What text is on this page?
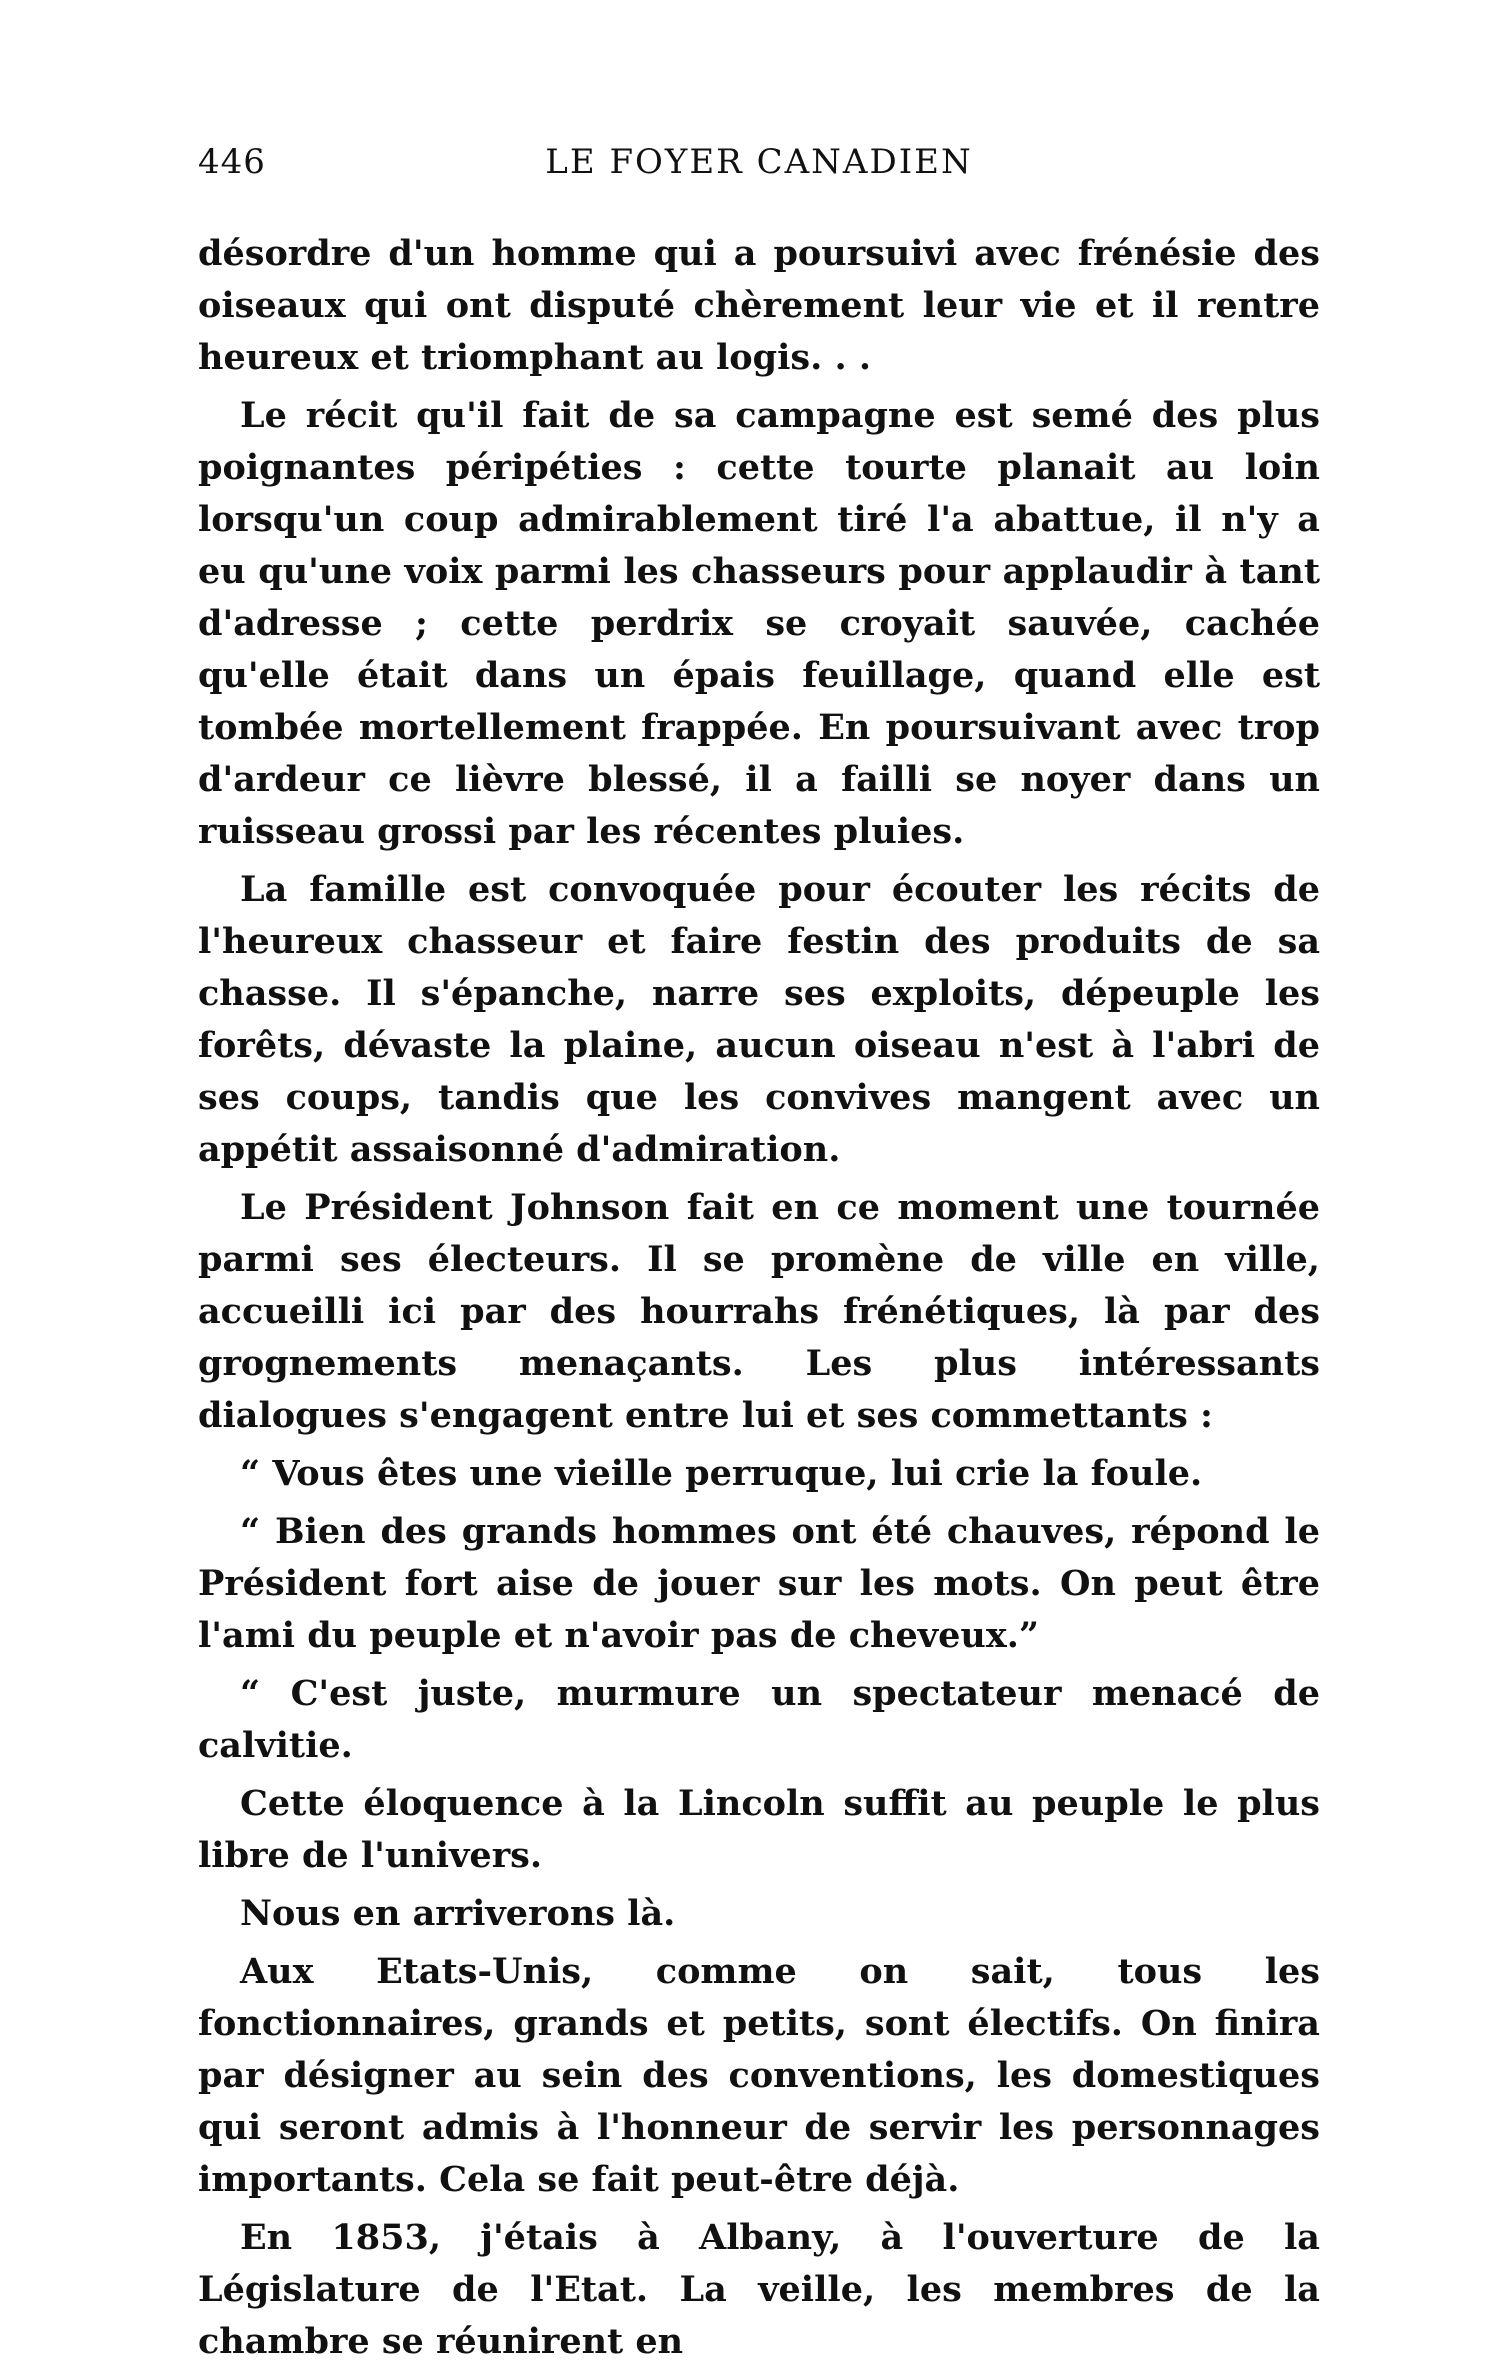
446	LE FOYER CANADIEN

désordre d'un homme qui a poursuivi avec frénésie des oiseaux qui ont disputé chèrement leur vie et il rentre heureux et triomphant au logis. . .

Le récit qu'il fait de sa campagne est semé des plus poignantes péripéties : cette tourte planait au loin lorsqu'un coup admirablement tiré l'a abattue, il n'y a eu qu'une voix parmi les chasseurs pour applaudir à tant d'adresse ; cette perdrix se croyait sauvée, cachée qu'elle était dans un épais feuillage, quand elle est tombée mortellement frappée. En poursuivant avec trop d'ardeur ce lièvre blessé, il a failli se noyer dans un ruisseau grossi par les récentes pluies.

La famille est convoquée pour écouter les récits de l'heureux chasseur et faire festin des produits de sa chasse. Il s'épanche, narre ses exploits, dépeuple les forêts, dévaste la plaine, aucun oiseau n'est à l'abri de ses coups, tandis que les convives mangent avec un appétit assaisonné d'admiration.

Le Président Johnson fait en ce moment une tournée parmi ses électeurs. Il se promène de ville en ville, accueilli ici par des hourrahs frénétiques, là par des grognements menaçants. Les plus intéressants dialogues s'engagent entre lui et ses commettants :

“ Vous êtes une vieille perruque, lui crie la foule.

“ Bien des grands hommes ont été chauves, répond le Président fort aise de jouer sur les mots. On peut être l'ami du peuple et n'avoir pas de cheveux.”

“ C'est juste, murmure un spectateur menacé de calvitie.

Cette éloquence à la Lincoln suffit au peuple le plus libre de l'univers.

Nous en arriverons là.

Aux Etats-Unis, comme on sait, tous les fonctionnaires, grands et petits, sont électifs. On finira par désigner au sein des conventions, les domestiques qui seront admis à l'honneur de servir les personnages importants. Cela se fait peut-être déjà.

En 1853, j'étais à Albany, à l'ouverture de la Législature de l'Etat. La veille, les membres de la chambre se réunirent en
